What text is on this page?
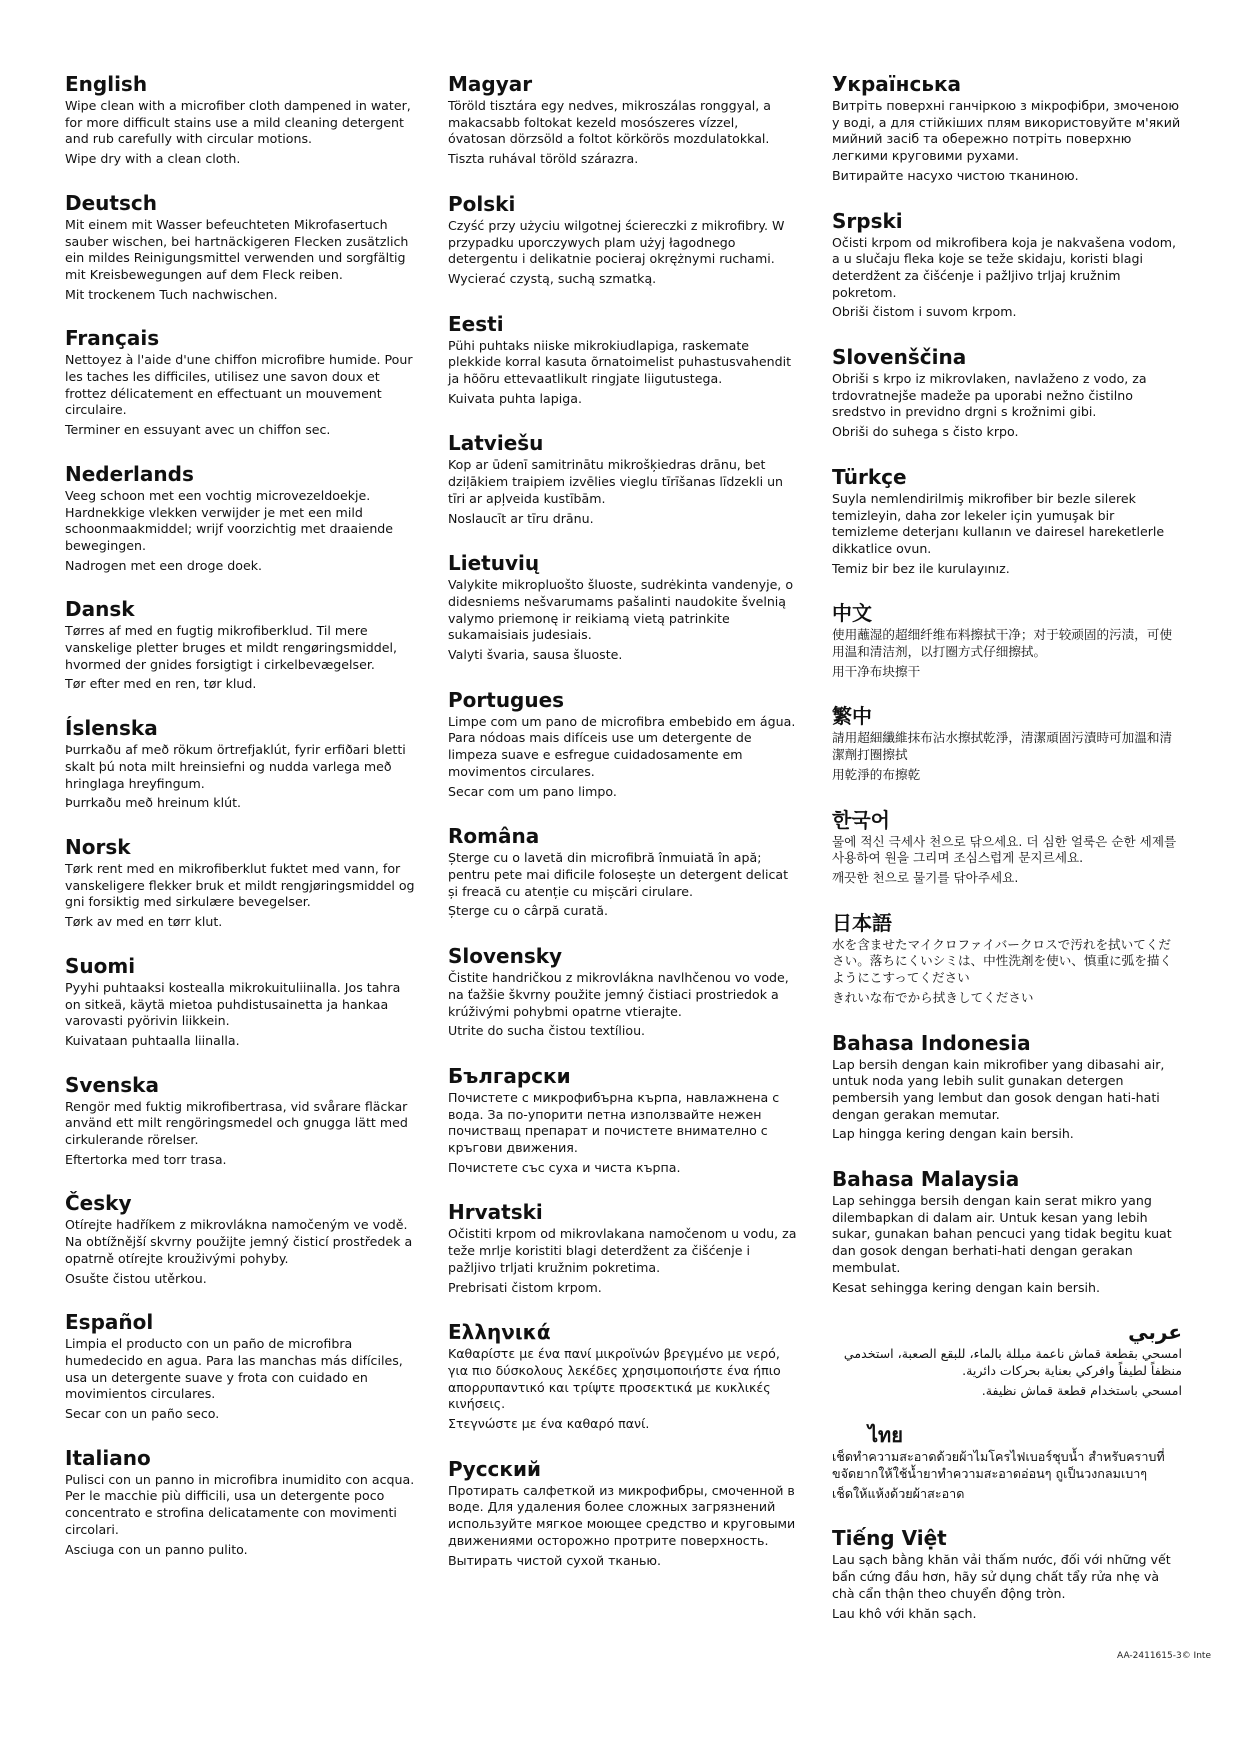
English

Wipe clean with a microfiber cloth dampened in water, for more difficult stains use a mild cleaning detergent and rub carefully with circular motions.

Wipe dry with a clean cloth.

Deutsch

Mit einem mit Wasser befeuchteten Mikrofasertuch sauber wischen, bei hartnäckigeren Flecken zusätzlich ein mildes Reinigungsmittel verwenden und sorgfältig mit Kreisbewegungen auf dem Fleck reiben.

Mit trockenem Tuch nachwischen.

Français

Nettoyez à l'aide d'une chiffon microfibre humide. Pour les taches les difficiles, utilisez une savon doux et frottez délicatement en effectuant un mouvement circulaire.

Terminer en essuyant avec un chiffon sec.

Nederlands

Veeg schoon met een vochtig microvezeldoekje. Hardnekkige vlekken verwijder je met een mild schoonmaakmiddel; wrijf voorzichtig met draaiende bewegingen.

Nadrogen met een droge doek.

Dansk

Tørres af med en fugtig mikrofiberklud. Til mere vanskelige pletter bruges et mildt rengøringsmiddel, hvormed der gnides forsigtigt i cirkelbevægelser.

Tør efter med en ren, tør klud.

Íslenska

Þurrkaðu af með rökum örtrefjaklút, fyrir erfiðari bletti skalt þú nota milt hreinsiefni og nudda varlega með hringlaga hreyfingum.

Þurrkaðu með hreinum klút.

Norsk

Tørk rent med en mikrofiberklut fuktet med vann, for vanskeligere flekker bruk et mildt rengjøringsmiddel og gni forsiktig med sirkulære bevegelser.

Tørk av med en tørr klut.

Suomi

Pyyhi puhtaaksi kostealla mikrokuituliinalla. Jos tahra on sitkeä, käytä mietoa puhdistusainetta ja hankaa varovasti pyörivin liikkein.

Kuivataan puhtaalla liinalla.

Svenska

Rengör med fuktig mikrofibertrasa, vid svårare fläckar använd ett milt rengöringsmedel och gnugga lätt med cirkulerande rörelser.

Eftertorka med torr trasa.

Česky

Otírejte hadříkem z mikrovlákna namočeným ve vodě. Na obtížnější skvrny použijte jemný čisticí prostředek a opatrně otírejte krouživými pohyby.

Osušte čistou utěrkou.

Español

Limpia el producto con un paño de microfibra humedecido en agua. Para las manchas más difíciles, usa un detergente suave y frota con cuidado en movimientos circulares.

Secar con un paño seco.

Italiano

Pulisci con un panno in microfibra inumidito con acqua. Per le macchie più difficili, usa un detergente poco concentrato e strofina delicatamente con movimenti circolari.

Asciuga con un panno pulito.

Magyar

Töröld tisztára egy nedves, mikroszálas ronggyal, a makacsabb foltokat kezeld mosószeres vízzel, óvatosan dörzsöld a foltot körkörös mozdulatokkal.

Tiszta ruhával töröld szárazra.

Polski

Czyść przy użyciu wilgotnej ściereczki z mikrofibry. W przypadku uporczywych plam użyj łagodnego detergentu i delikatnie pocieraj okrężnymi ruchami.

Wycierać czystą, suchą szmatką.

Eesti

Pühi puhtaks niiske mikrokiudlapiga, raskemate plekkide korral kasuta õrnatoimelist puhastusvahendit ja hõõru ettevaatlikult ringjate liigutustega.

Kuivata puhta lapiga.

Latviešu

Kop ar ūdenī samitrinātu mikrošķiedras drānu, bet dziļākiem traipiem izvēlies vieglu tīrīšanas līdzekli un tīri ar apļveida kustībām.

Noslaucīt ar tīru drānu.

Lietuvių

Valykite mikropluošto šluoste, sudrėkinta vandenyje, o didesniems nešvarumams pašalinti naudokite švelnią valymo priemonę ir reikiamą vietą patrinkite sukamaisiais judesiais.

Valyti švaria, sausa šluoste.

Portugues

Limpe com um pano de microfibra embebido em água. Para nódoas mais difíceis use um detergente de limpeza suave e esfregue cuidadosamente em movimentos circulares.

Secar com um pano limpo.

Româna

Șterge cu o lavetă din microfibră înmuiată în apă; pentru pete mai dificile folosește un detergent delicat și freacă cu atenție cu mișcări cirulare.

Șterge cu o cârpă curată.

Slovensky

Čistite handričkou z mikrovlákna navlhčenou vo vode, na ťažšie škvrny použite jemný čistiaci prostriedok a krúživými pohybmi opatrne vtierajte.

Utrite do sucha čistou textíliou.

Български

Почистете с микрофибърна кърпа, навлажнена с вода. За по-упорити петна използвайте нежен почистващ препарат и почистете внимателно с кръгови движения.

Почистете със суха и чиста кърпа.

Hrvatski

Očistiti krpom od mikrovlakana namočenom u vodu, za teže mrlje koristiti blagi deterdžent za čišćenje i pažljivo trljati kružnim pokretima.

Prebrisati čistom krpom.

Ελληνικά

Καθαρίστε με ένα πανί μικροϊνών βρεγμένο με νερό, για πιο δύσκολους λεκέδες χρησιμοποιήστε ένα ήπιο απορρυπαντικό και τρίψτε προσεκτικά με κυκλικές κινήσεις.

Στεγνώστε με ένα καθαρό πανί.

Русский

Протирать салфеткой из микрофибры, смоченной в воде. Для удаления более сложных загрязнений используйте мягкое моющее средство и круговыми движениями осторожно протрите поверхность.

Вытирать чистой сухой тканью.

Українська

Витріть поверхні ганчіркою з мікрофібри, змоченою у воді, а для стійкіших плям використовуйте м'який мийний засіб та обережно потріть поверхню легкими круговими рухами.

Витирайте насухо чистою тканиною.

Srpski

Očisti krpom od mikrofibera koja je nakvašena vodom, a u slučaju fleka koje se teže skidaju, koristi blagi deterdžent za čišćenje i pažljivo trljaj kružnim pokretom.

Obriši čistom i suvom krpom.

Slovenščina

Obriši s krpo iz mikrovlaken, navlaženo z vodo, za trdovratnejše madeže pa uporabi nežno čistilno sredstvo in previdno drgni s krožnimi gibi.

Obriši do suhega s čisto krpo.

Türkçe

Suyla nemlendirilmiş mikrofiber bir bezle silerek temizleyin, daha zor lekeler için yumuşak bir temizleme deterjanı kullanın ve dairesel hareketlerle dikkatlice ovun.

Temiz bir bez ile kurulayınız.

中文

使用蘸湿的超细纤维布料擦拭干净；对于较顽固的污渍，可使用温和清洁剂，以打圈方式仔细擦拭。

用干净布块擦干

繁中

請用超細纖維抹布沾水擦拭乾淨，清潔頑固污漬時可加溫和清潔劑打圈擦拭

用乾淨的布擦乾

한국어

물에 적신 극세사 천으로 닦으세요. 더 심한 얼룩은 순한 세제를 사용하여 원을 그리며 조심스럽게 문지르세요.

깨끗한 천으로 물기를 닦아주세요.

日本語

水を含ませたマイクロファイバークロスで汚れを拭いてください。落ちにくいシミは、中性洗剤を使い、慎重に弧を描くようにこすってください

きれいな布でから拭きしてください

Bahasa Indonesia

Lap bersih dengan kain mikrofiber yang dibasahi air, untuk noda yang lebih sulit gunakan detergen pembersih yang lembut dan gosok dengan hati-hati dengan gerakan memutar.

Lap hingga kering dengan kain bersih.

Bahasa Malaysia

Lap sehingga bersih dengan kain serat mikro yang dilembapkan di dalam air. Untuk kesan yang lebih sukar, gunakan bahan pencuci yang tidak begitu kuat dan gosok dengan berhati-hati dengan gerakan membulat.

Kesat sehingga kering dengan kain bersih.

عربي

امسحي بقطعة قماش ناعمة مبللة بالماء، للبقع الصعبة، استخدمي منظفاً لطيفاً وافركي بعناية بحركات دائرية.

امسحي باستخدام قطعة قماش نظيفة.

ไทย

เช็ดทำความสะอาดด้วยผ้าไมโครไฟเบอร์ชุบน้ำ สำหรับคราบที่ขจัดยากให้ใช้น้ำยาทำความสะอาดอ่อนๆ ถูเป็นวงกลมเบาๆ

เช็ดให้แห้งด้วยผ้าสะอาด

Tiếng Việt

Lau sạch bằng khăn vải thấm nước, đối với những vết bẩn cứng đầu hơn, hãy sử dụng chất tẩy rửa nhẹ và chà cẩn thận theo chuyển động tròn.

Lau khô với khăn sạch.

AA-2411615-3© Inte
